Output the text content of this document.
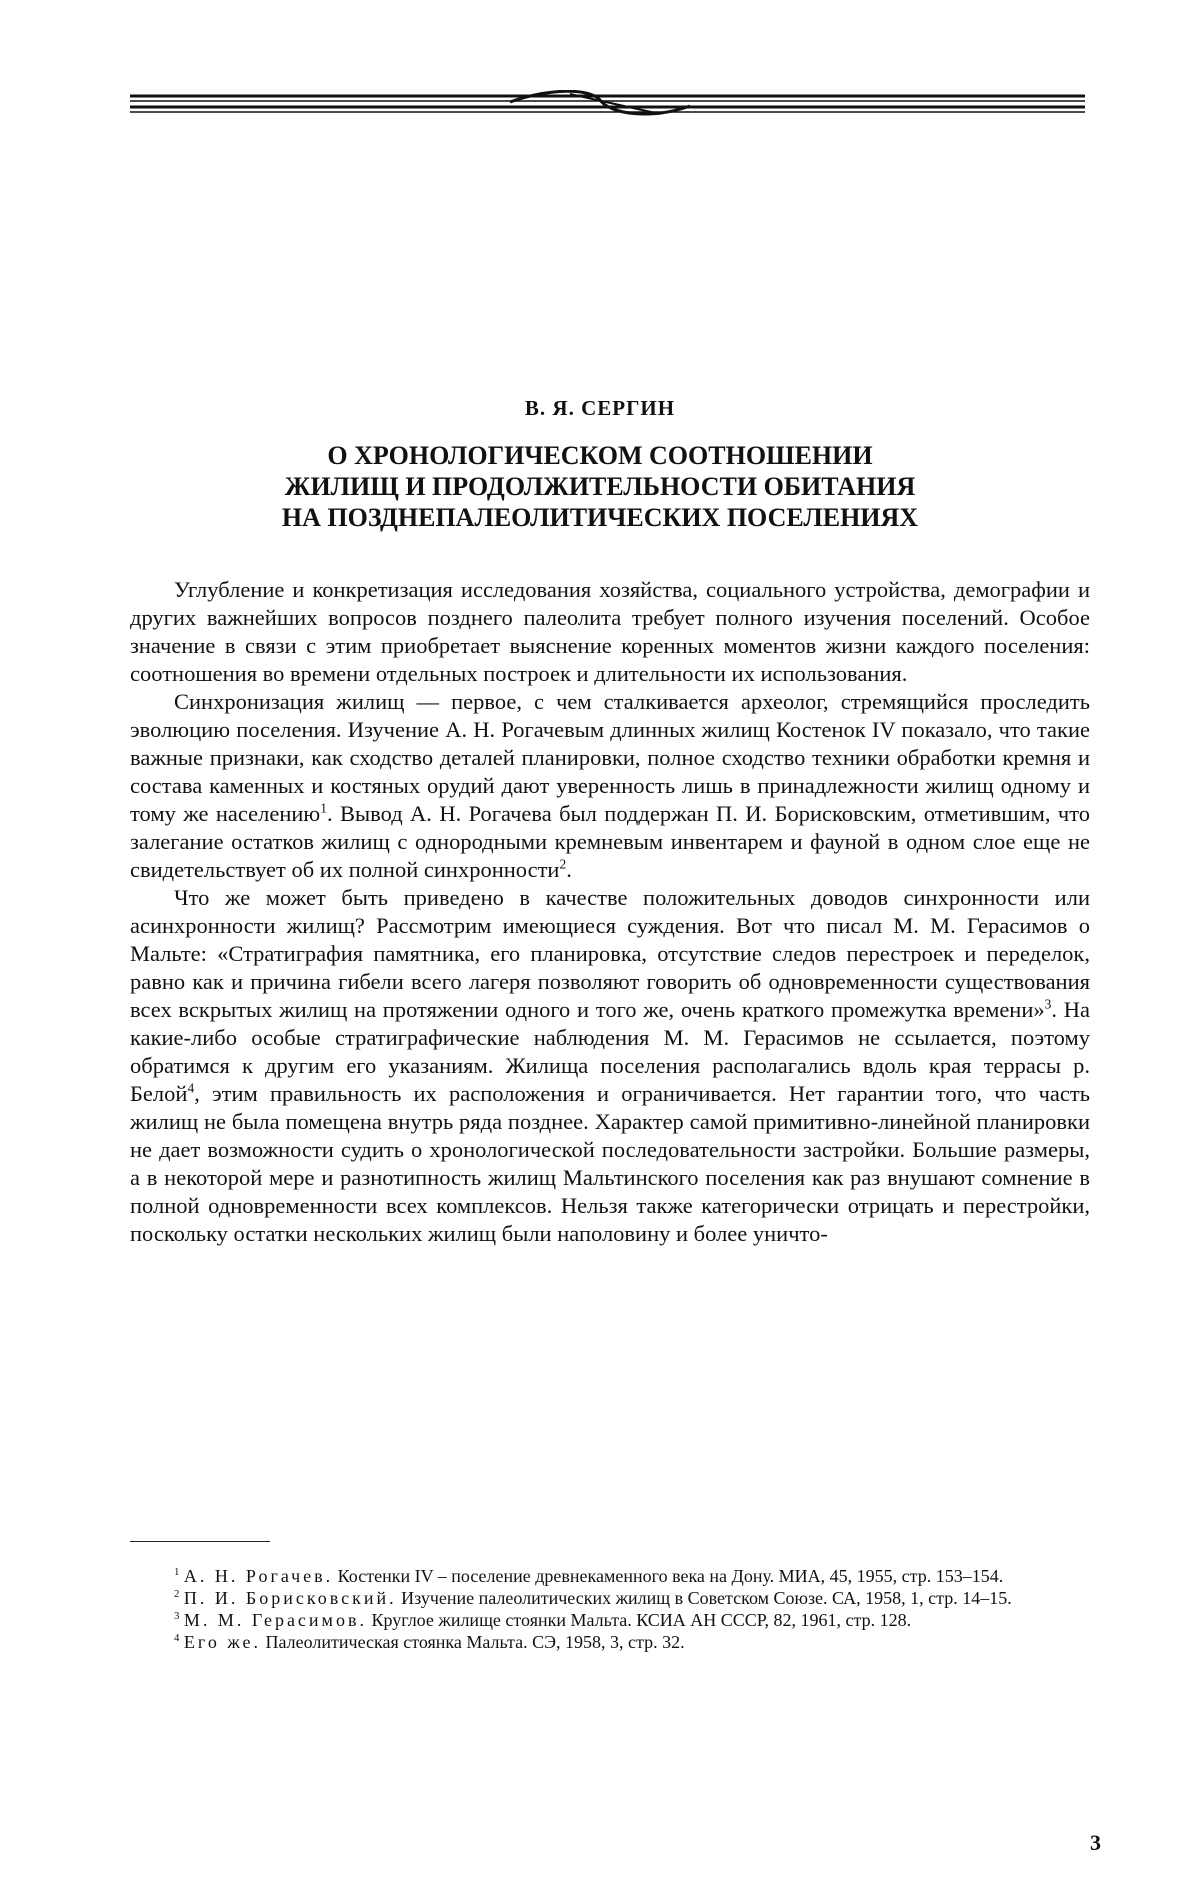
В. Я. СЕРГИН
О ХРОНОЛОГИЧЕСКОМ СООТНОШЕНИИ
ЖИЛИЩ И ПРОДОЛЖИТЕЛЬНОСТИ ОБИТАНИЯ
НА ПОЗДНЕПАЛЕОЛИТИЧЕСКИХ ПОСЕЛЕНИЯХ

Углубление и конкретизация исследования хозяйства, социального устройства, демографии и других важнейших вопросов позднего палеолита требует полного изучения поселений. Особое значение в связи с этим приобретает выяснение коренных моментов жизни каждого поселения: соотношения во времени отдельных построек и длительности их использования.

Синхронизация жилищ — первое, с чем сталкивается археолог, стремящийся проследить эволюцию поселения. Изучение А. Н. Рогачевым длинных жилищ Костенок IV показало, что такие важные признаки, как сходство деталей планировки, полное сходство техники обработки кремня и состава каменных и костяных орудий дают уверенность лишь в принадлежности жилищ одному и тому же населению$^1$. Вывод А. Н. Рогачева был поддержан П. И. Борисковским, отметившим, что залегание остатков жилищ с однородными кремневым инвентарем и фауной в одном слое еще не свидетельствует об их полной синхронности$^2$.

Что же может быть приведено в качестве положительных доводов синхронности или асинхронности жилищ? Рассмотрим имеющиеся суждения. Вот что писал М. М. Герасимов о Мальте: «Стратиграфия памятника, его планировка, отсутствие следов перестроек и переделок, равно как и причина гибели всего лагеря позволяют говорить об одновременности существования всех вскрытых жилищ на протяжении одного и того же, очень краткого промежутка времени»$^3$. На какие-либо особые стратиграфические наблюдения М. М. Герасимов не ссылается, поэтому обратимся к другим его указаниям. Жилища поселения располагались вдоль края террасы р. Белой$^4$, этим правильность их расположения и ограничивается. Нет гарантии того, что часть жилищ не была помещена внутрь ряда позднее. Характер самой примитивно-линейной планировки не дает возможности судить о хронологической последовательности застройки. Большие размеры, а в некоторой мере и разнотипность жилищ Мальтинского поселения как раз внушают сомнение в полной одновременности всех комплексов. Нельзя также категорически отрицать и перестройки, поскольку остатки нескольких жилищ были наполовину и более уничто-

$^1$ А. Н. Рогачев. Костенки IV – поселение древнекаменного века на Дону. МИА, 45, 1955, стр. 153–154.

$^2$ П. И. Борисковский. Изучение палеолитических жилищ в Советском Союзе. СА, 1958, 1, стр. 14–15.

$^3$ М. М. Герасимов. Круглое жилище стоянки Мальта. КСИА АН СССР, 82, 1961, стр. 128.

$^4$ Его же. Палеолитическая стоянка Мальта. СЭ, 1958, 3, стр. 32.

3
